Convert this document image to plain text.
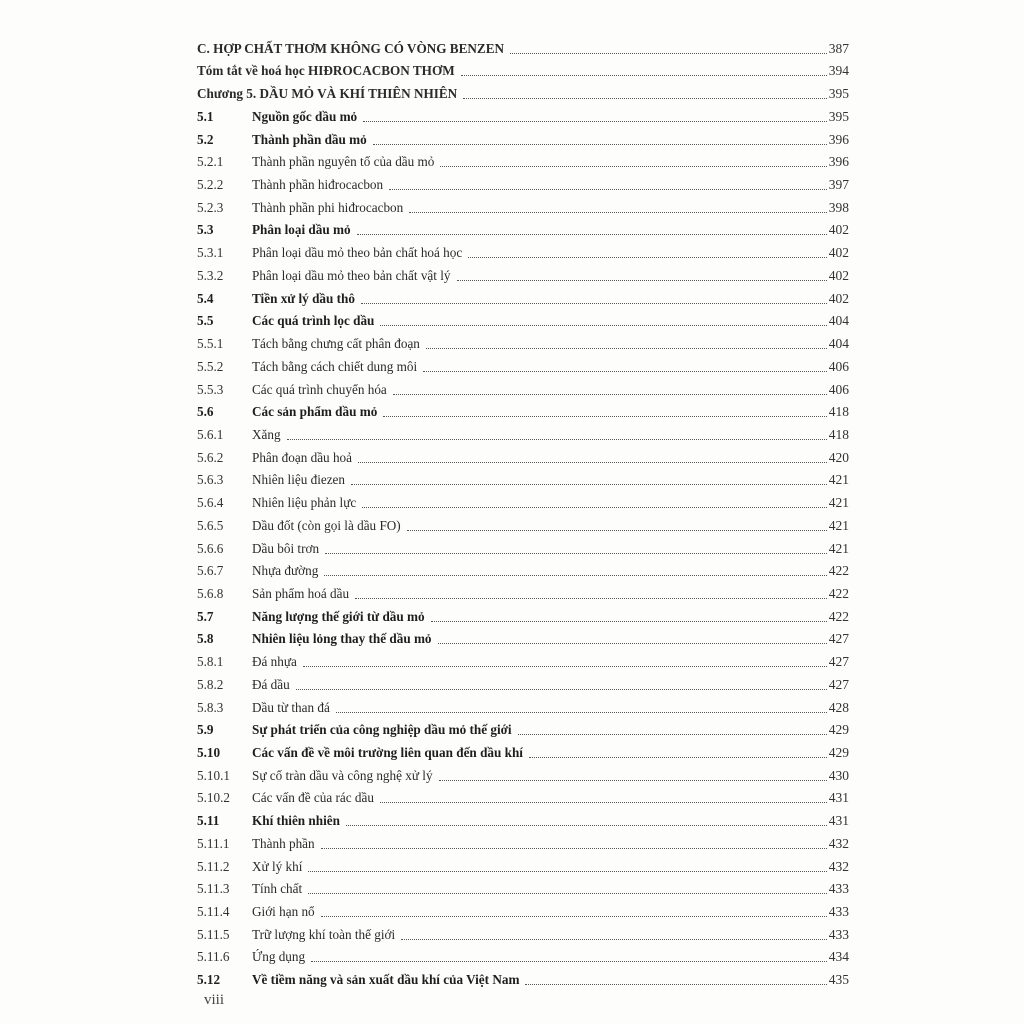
C. HỢP CHẤT THƠM KHÔNG CÓ VÒNG BENZEN	387
Tóm tắt về hoá học HIĐROCACBON THƠM	394
Chương 5. DẦU MỎ VÀ KHÍ THIÊN NHIÊN	395
5.1	Nguồn gốc dầu mỏ	395
5.2	Thành phần dầu mỏ	396
5.2.1	Thành phần nguyên tố của dầu mỏ	396
5.2.2	Thành phần hiđrocacbon	397
5.2.3	Thành phần phi hiđrocacbon	398
5.3	Phân loại dầu mỏ	402
5.3.1	Phân loại dầu mỏ theo bản chất hoá học	402
5.3.2	Phân loại dầu mỏ theo bản chất vật lý	402
5.4	Tiền xử lý dầu thô	402
5.5	Các quá trình lọc dầu	404
5.5.1	Tách bằng chưng cất phân đoạn	404
5.5.2	Tách bằng cách chiết dung môi	406
5.5.3	Các quá trình chuyển hóa	406
5.6	Các sản phẩm dầu mỏ	418
5.6.1	Xăng	418
5.6.2	Phân đoạn dầu hoả	420
5.6.3	Nhiên liệu điezen	421
5.6.4	Nhiên liệu phản lực	421
5.6.5	Dầu đốt (còn gọi là dầu FO)	421
5.6.6	Dầu bôi trơn	421
5.6.7	Nhựa đường	422
5.6.8	Sản phẩm hoá dầu	422
5.7	Năng lượng thế giới từ dầu mỏ	422
5.8	Nhiên liệu lỏng thay thế dầu mỏ	427
5.8.1	Đá nhựa	427
5.8.2	Đá dầu	427
5.8.3	Dầu từ than đá	428
5.9	Sự phát triển của công nghiệp dầu mỏ thế giới	429
5.10	Các vấn đề về môi trường liên quan đến dầu khí	429
5.10.1	Sự cố tràn dầu và công nghệ xử lý	430
5.10.2	Các vấn đề của rác dầu	431
5.11	Khí thiên nhiên	431
5.11.1	Thành phần	432
5.11.2	Xử lý khí	432
5.11.3	Tính chất	433
5.11.4	Giới hạn nổ	433
5.11.5	Trữ lượng khí toàn thế giới	433
5.11.6	Ứng dụng	434
5.12	Về tiềm năng và sản xuất dầu khí của Việt Nam	435
viii
